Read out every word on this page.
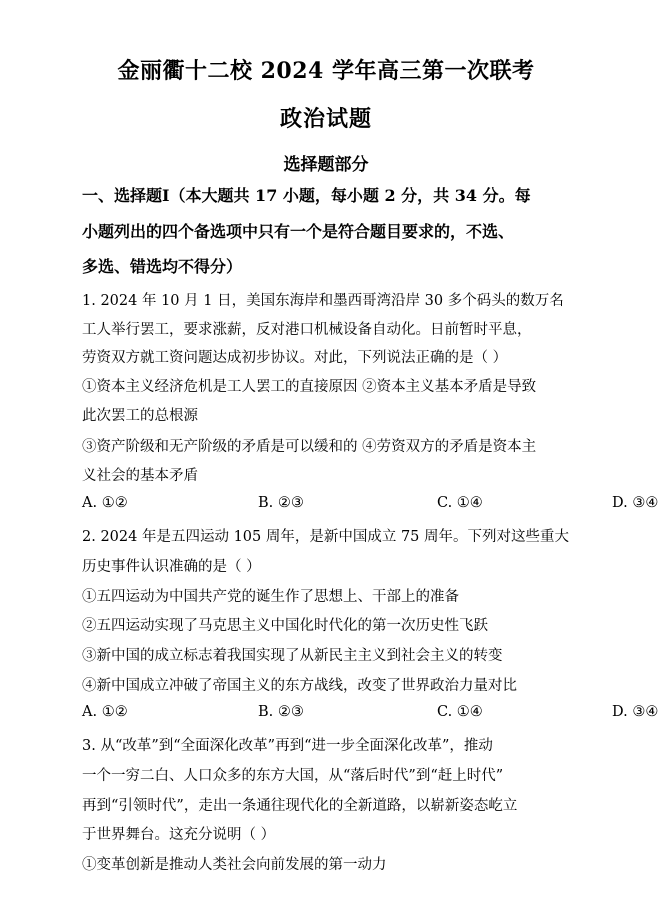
金丽衢十二校 2024 学年高三第一次联考
政治试题
选择题部分
一、选择题Ⅰ（本大题共 17 小题，每小题 2 分，共 34 分。每
小题列出的四个备选项中只有一个是符合题目要求的，不选、
多选、错选均不得分）
1. 2024 年 10 月 1 日，美国东海岸和墨西哥湾沿岸 30 多个码头的数万名
工人举行罢工，要求涨薪，反对港口机械设备自动化。日前暂时平息，
劳资双方就工资问题达成初步协议。对此，下列说法正确的是（ ）
①资本主义经济危机是工人罢工的直接原因 ②资本主义基本矛盾是导致
此次罢工的总根源
③资产阶级和无产阶级的矛盾是可以缓和的 ④劳资双方的矛盾是资本主
义社会的基本矛盾
A. ①②	B. ②③	C. ①④	D. ③④
2. 2024 年是五四运动 105 周年，是新中国成立 75 周年。下列对这些重大
历史事件认识准确的是（ ）
①五四运动为中国共产党的诞生作了思想上、干部上的准备
②五四运动实现了马克思主义中国化时代化的第一次历史性飞跃
③新中国的成立标志着我国实现了从新民主主义到社会主义的转变
④新中国成立冲破了帝国主义的东方战线，改变了世界政治力量对比
A. ①②	B. ②③	C. ①④	D. ③④
3. 从“改革”到“全面深化改革”再到“进一步全面深化改革”，推动
一个一穷二白、人口众多的东方大国，从“落后时代”到“赶上时代”
再到“引领时代”，走出一条通往现代化的全新道路，以崭新姿态屹立
于世界舞台。这充分说明（ ）
①变革创新是推动人类社会向前发展的第一动力
